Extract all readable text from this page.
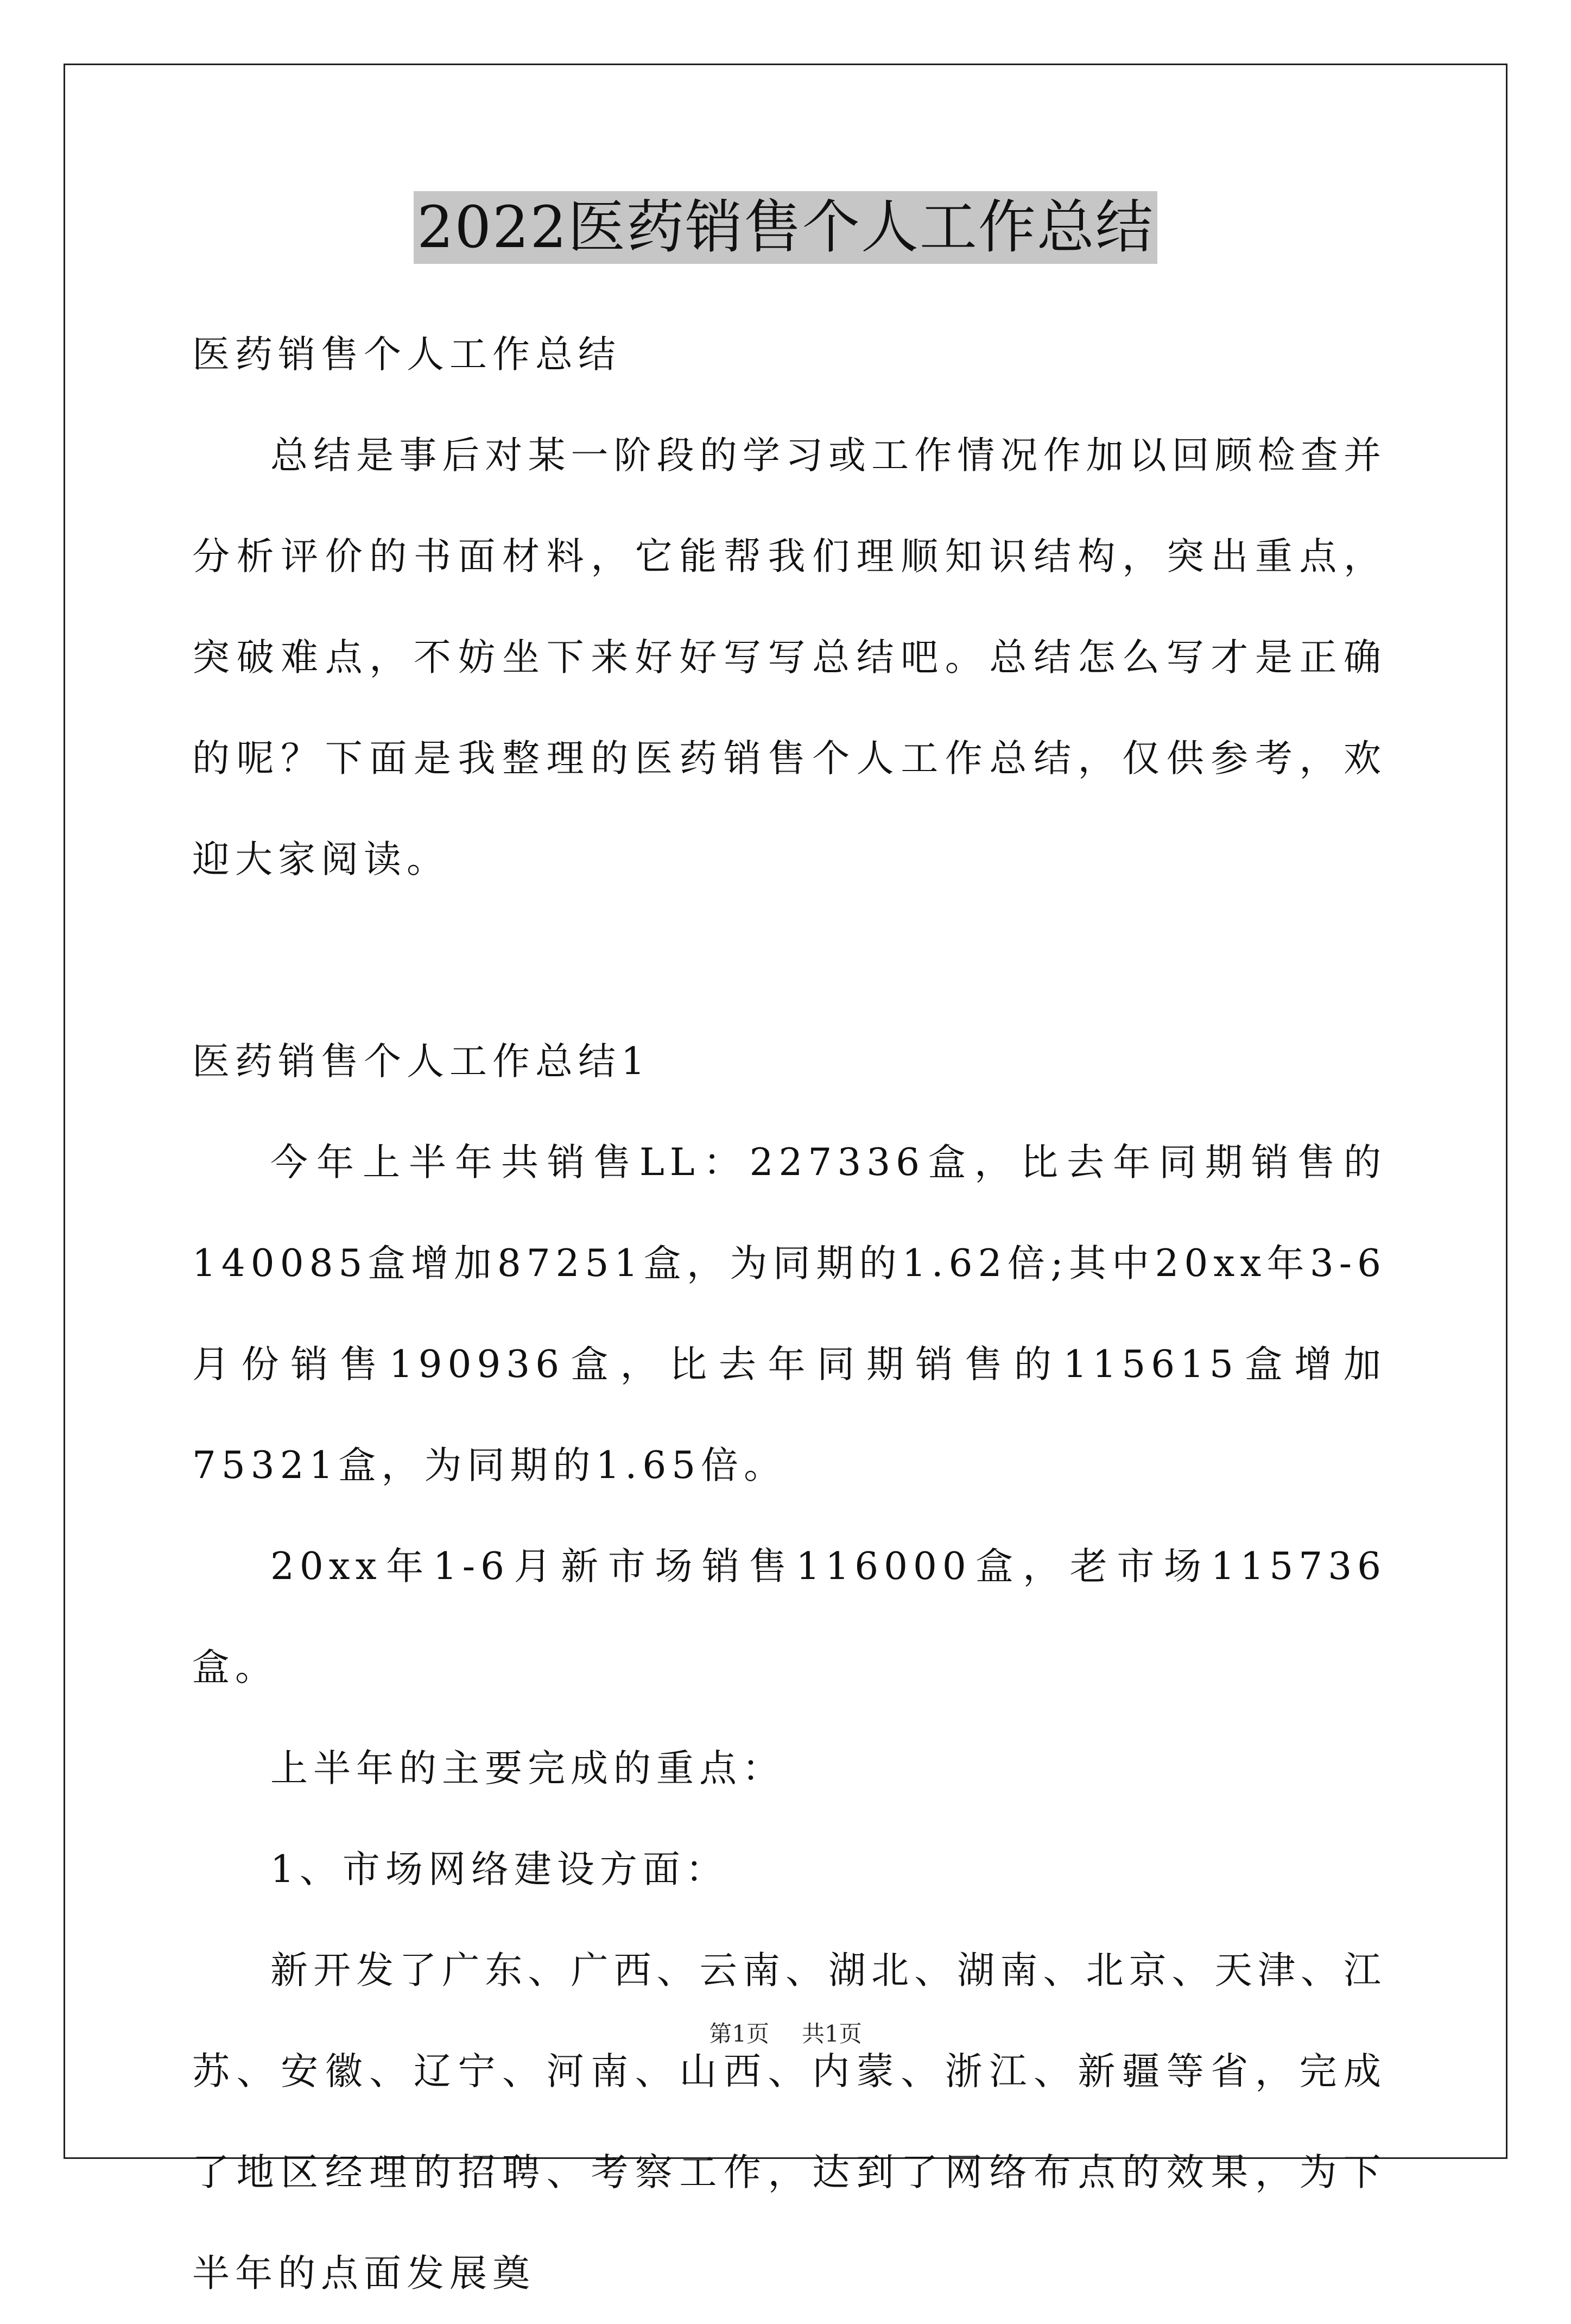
2022医药销售个人工作总结

医药销售个人工作总结

总结是事后对某一阶段的学习或工作情况作加以回顾检查并分析评价的书面材料，它能帮我们理顺知识结构，突出重点，突破难点，不妨坐下来好好写写总结吧。总结怎么写才是正确的呢？下面是我整理的医药销售个人工作总结，仅供参考，欢迎大家阅读。

医药销售个人工作总结1

今年上半年共销售LL：227336盒，比去年同期销售的140085盒增加87251盒，为同期的1.62倍;其中20xx年3-6月份销售190936盒，比去年同期销售的115615盒增加75321盒，为同期的1.65倍。

20xx年1-6月新市场销售116000盒，老市场115736盒。

上半年的主要完成的重点：

1、市场网络建设方面：

新开发了广东、广西、云南、湖北、湖南、北京、天津、江苏、安徽、辽宁、河南、山西、内蒙、浙江、新疆等省，完成了地区经理的招聘、考察工作，达到了网络布点的效果，为下半年的点面发展奠

第1页 共1页
